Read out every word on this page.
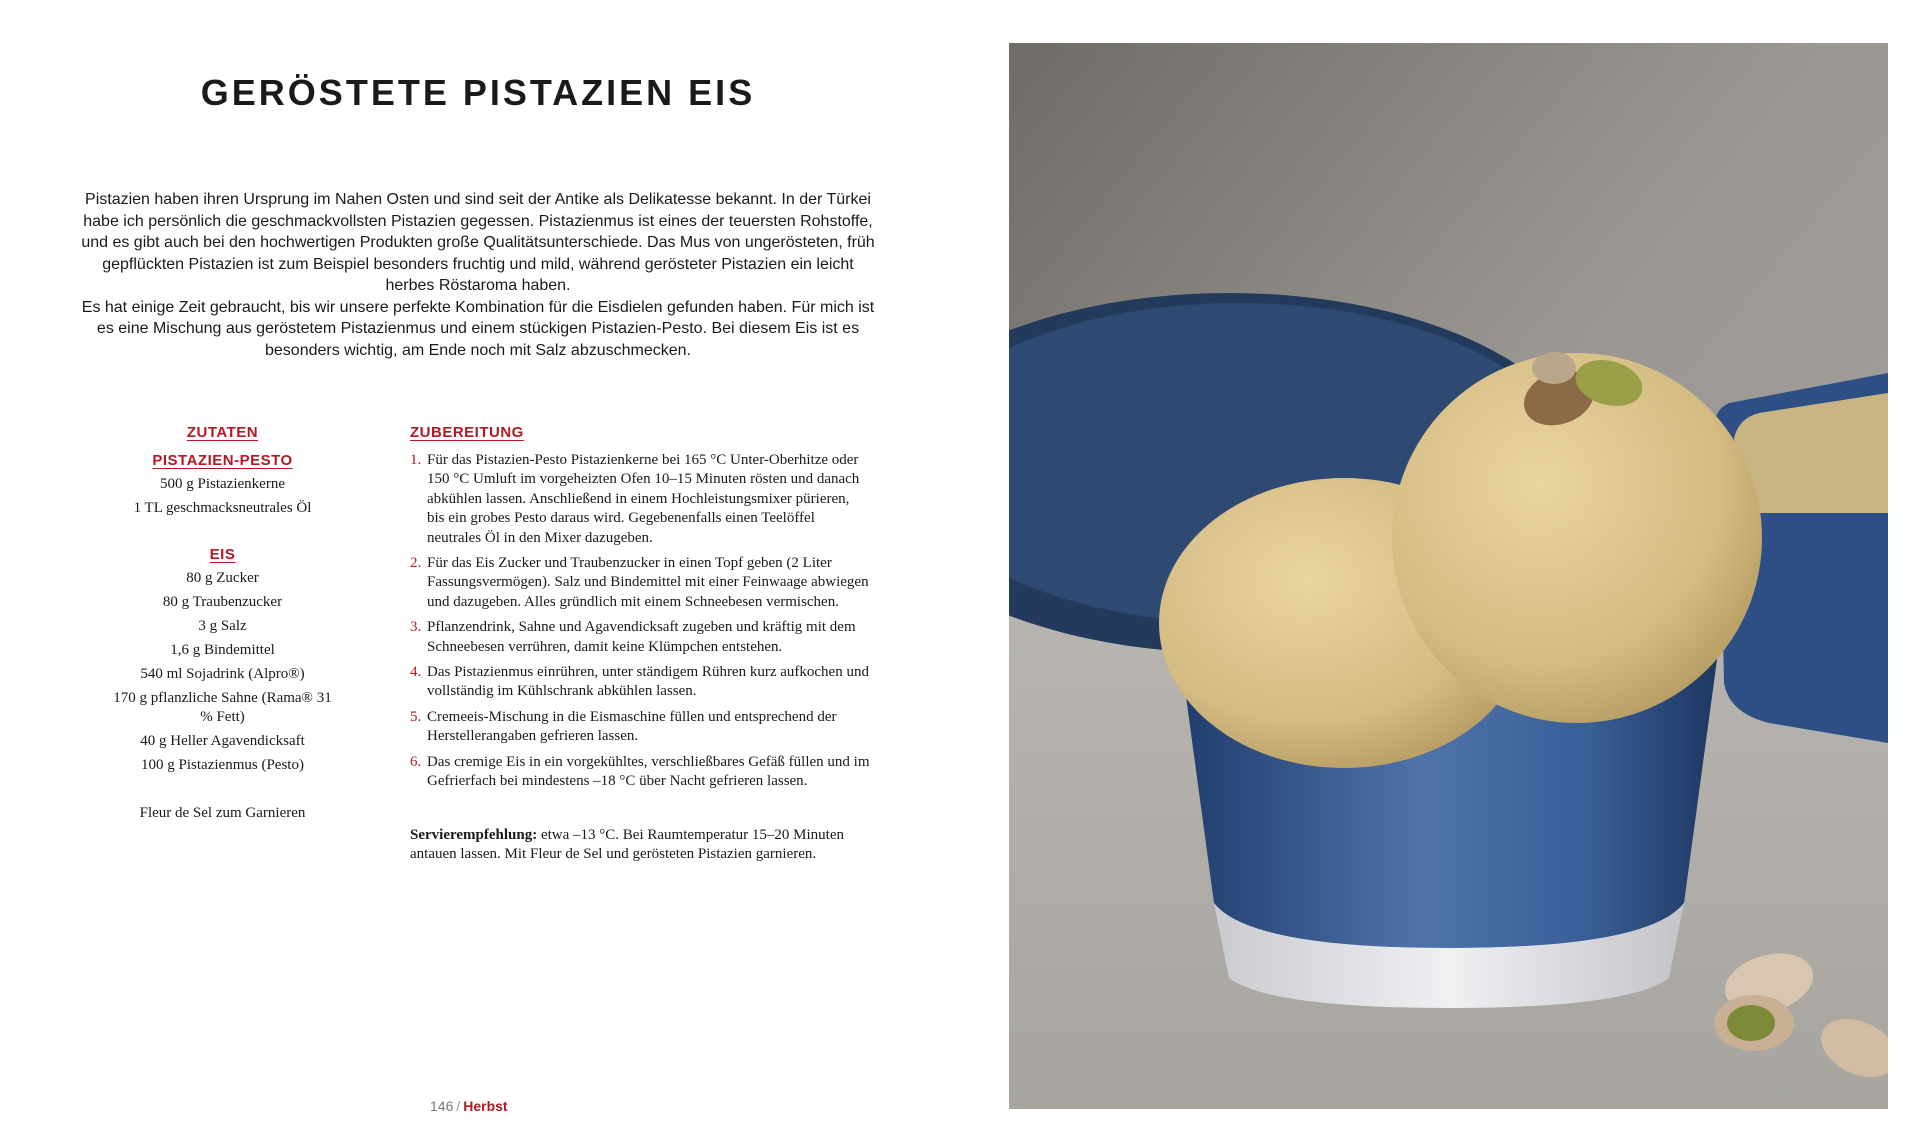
GERÖSTETE PISTAZIEN EIS

Pistazien haben ihren Ursprung im Nahen Osten und sind seit der Antike als Delikatesse bekannt. In der Türkei habe ich persönlich die geschmackvollsten Pistazien gegessen. Pistazienmus ist eines der teuersten Rohstoffe, und es gibt auch bei den hochwertigen Produkten große Qualitätsunterschiede. Das Mus von ungerösteten, früh gepflückten Pistazien ist zum Beispiel besonders fruchtig und mild, während gerösteter Pistazien ein leicht herbes Röstaroma haben.

Es hat einige Zeit gebraucht, bis wir unsere perfekte Kombination für die Eisdielen gefunden haben. Für mich ist es eine Mischung aus geröstetem Pistazienmus und einem stückigen Pistazien-Pesto. Bei diesem Eis ist es besonders wichtig, am Ende noch mit Salz abzuschmecken.

ZUTATEN
PISTAZIEN-PESTO
500 g Pistazienkerne
1 TL geschmacksneutrales Öl
EIS
80 g Zucker
80 g Traubenzucker
3 g Salz
1,6 g Bindemittel
540 ml Sojadrink (Alpro®)
170 g pflanzliche Sahne (Rama® 31 % Fett)
40 g Heller Agavendicksaft
100 g Pistazienmus (Pesto)
Fleur de Sel zum Garnieren
ZUBEREITUNG
1. Für das Pistazien-Pesto Pistazienkerne bei 165 °C Unter-Oberhitze oder 150 °C Umluft im vorgeheizten Ofen 10–15 Minuten rösten und danach abkühlen lassen. Anschließend in einem Hochleistungsmixer pürieren, bis ein grobes Pesto daraus wird. Gegebenenfalls einen Teelöffel neutrales Öl in den Mixer dazugeben.
2. Für das Eis Zucker und Traubenzucker in einen Topf geben (2 Liter Fassungsvermögen). Salz und Bindemittel mit einer Feinwaage abwiegen und dazugeben. Alles gründlich mit einem Schneebesen vermischen.
3. Pflanzendrink, Sahne und Agavendicksaft zugeben und kräftig mit dem Schneebesen verrühren, damit keine Klümpchen entstehen.
4. Das Pistazienmus einrühren, unter ständigem Rühren kurz aufkochen und vollständig im Kühlschrank abkühlen lassen.
5. Cremeeis-Mischung in die Eismaschine füllen und entsprechend der Herstellerangaben gefrieren lassen.
6. Das cremige Eis in ein vorgekühltes, verschließbares Gefäß füllen und im Gefrierfach bei mindestens –18 °C über Nacht gefrieren lassen.
Servierempfehlung: etwa –13 °C. Bei Raumtemperatur 15–20 Minuten antauen lassen. Mit Fleur de Sel und gerösteten Pistazien garnieren.
146 / Herbst
